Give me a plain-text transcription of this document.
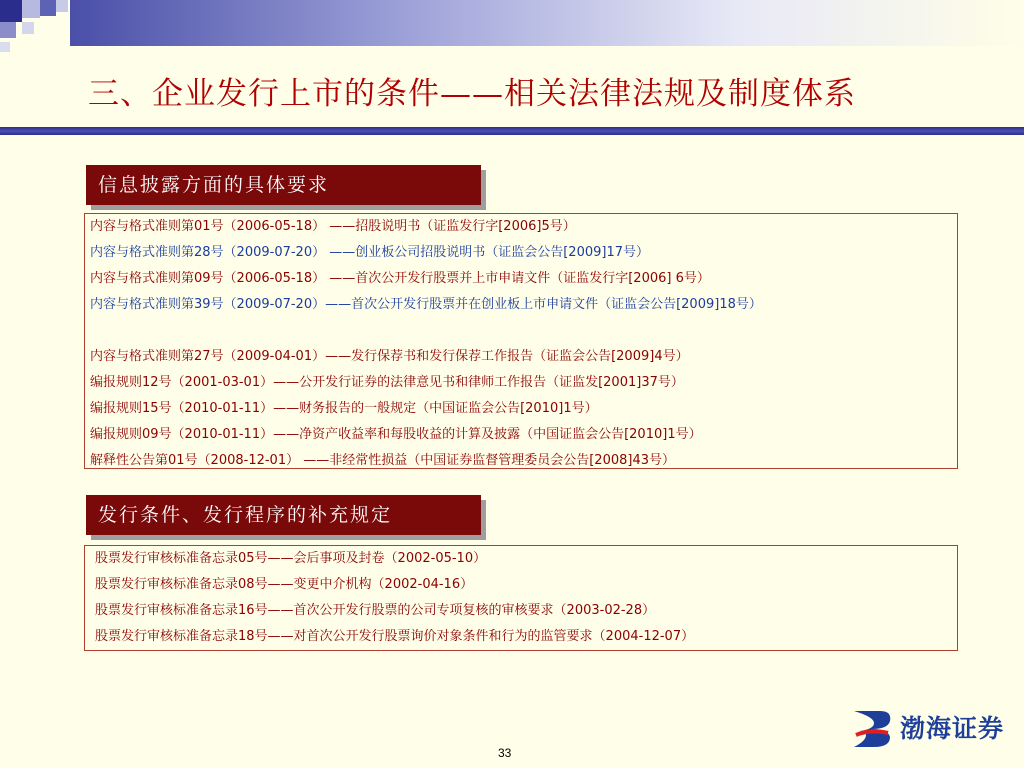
三、企业发行上市的条件——相关法律法规及制度体系
信息披露方面的具体要求
内容与格式准则第01号（2006-05-18） ——招股说明书（证监发行字[2006]5号）
内容与格式准则第28号（2009-07-20） ——创业板公司招股说明书（证监会公告[2009]17号）
内容与格式准则第09号（2006-05-18） ——首次公开发行股票并上市申请文件（证监发行字[2006] 6号）
内容与格式准则第39号（2009-07-20）——首次公开发行股票并在创业板上市申请文件（证监会公告[2009]18号）
内容与格式准则第27号（2009-04-01）——发行保荐书和发行保荐工作报告（证监会公告[2009]4号）
编报规则12号（2001-03-01）——公开发行证券的法律意见书和律师工作报告（证监发[2001]37号）
编报规则15号（2010-01-11）——财务报告的一般规定（中国证监会公告[2010]1号）
编报规则09号（2010-01-11）——净资产收益率和每股收益的计算及披露（中国证监会公告[2010]1号）
解释性公告第01号（2008-12-01） ——非经常性损益（中国证券监督管理委员会公告[2008]43号）
发行条件、发行程序的补充规定
股票发行审核标准备忘录05号——会后事项及封卷（2002-05-10）
股票发行审核标准备忘录08号——变更中介机构（2002-04-16）
股票发行审核标准备忘录16号——首次公开发行股票的公司专项复核的审核要求（2003-02-28）
股票发行审核标准备忘录18号——对首次公开发行股票询价对象条件和行为的监管要求（2004-12-07）
渤海证券
33
